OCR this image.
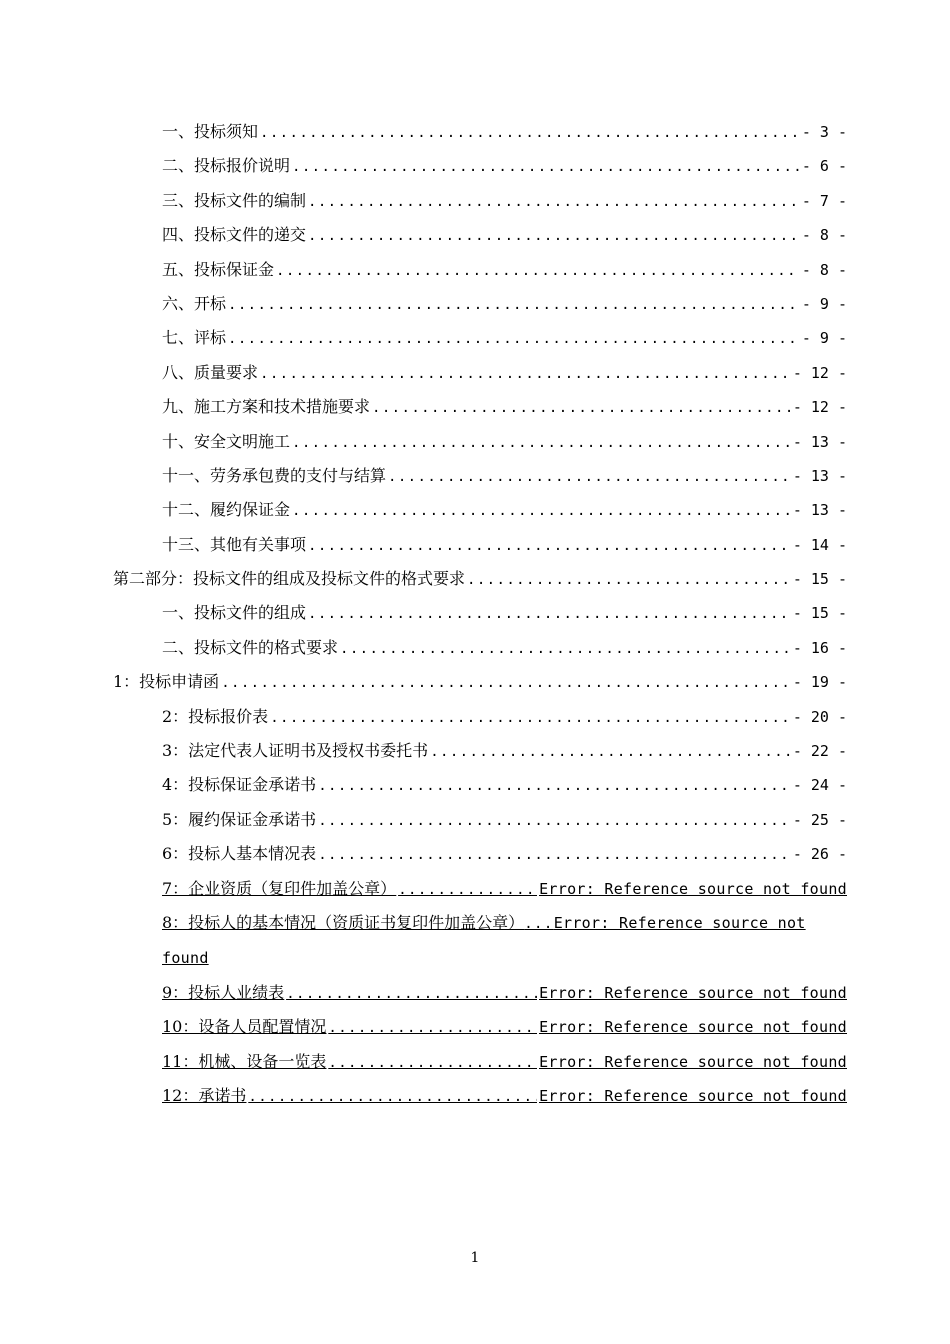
一、投标须知 .....	- 3 -
二、投标报价说明 .....	- 6 -
三、投标文件的编制 .....	- 7 -
四、投标文件的递交 .....	- 8 -
五、投标保证金 .....	- 8 -
六、开标 .....	- 9 -
七、评标 .....	- 9 -
八、质量要求 .....	- 12 -
九、施工方案和技术措施要求 .....	- 12 -
十、安全文明施工 .....	- 13 -
十一、劳务承包费的支付与结算 .....	- 13 -
十二、履约保证金 .....	- 13 -
十三、其他有关事项 .....	- 14 -
第二部分：投标文件的组成及投标文件的格式要求 .....	- 15 -
一、投标文件的组成 .....	- 15 -
二、投标文件的格式要求 .....	- 16 -
1：投标申请函 .....	- 19 -
2：投标报价表 .....	- 20 -
3：法定代表人证明书及授权书委托书 .....	- 22 -
4：投标保证金承诺书 .....	- 24 -
5：履约保证金承诺书 .....	- 25 -
6：投标人基本情况表 .....	- 26 -
7：企业资质（复印件加盖公章） .....	Error: Reference source not found
8：投标人的基本情况（资质证书复印件加盖公章）...Error: Reference source not found
9：投标人业绩表 .....	Error: Reference source not found
10：设备人员配置情况 .....	Error: Reference source not found
11：机械、设备一览表 .....	Error: Reference source not found
12：承诺书 .....	Error: Reference source not found
1
